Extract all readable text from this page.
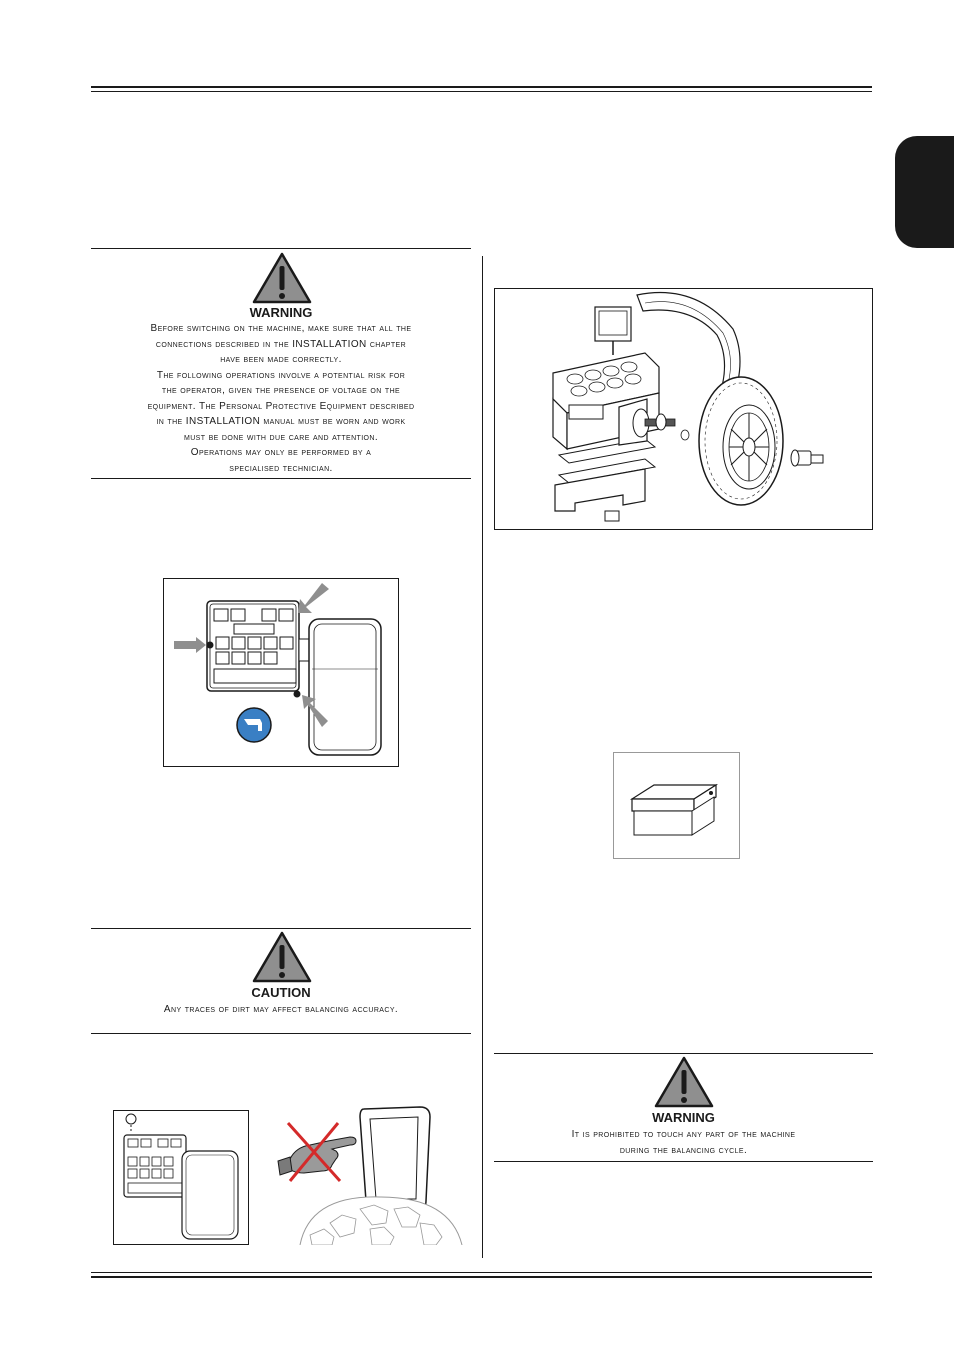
WARNING
Before switching on the machine, make sure that all the
connections described in the INSTALLATION chapter
have been made correctly.
The following operations involve a potential risk for
the operator, given the presence of voltage on the
equipment. The Personal Protective Equipment described
in the INSTALLATION manual must be worn and work
must be done with due care and attention.
Operations may only be performed by a
specialised technician.
CAUTION
Any traces of dirt may affect balancing accuracy.
WARNING
It is prohibited to touch any part of the machine
during the balancing cycle.
